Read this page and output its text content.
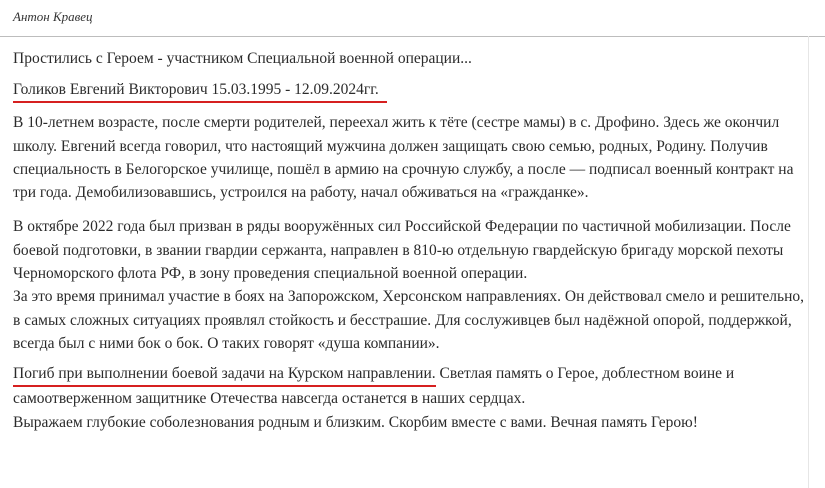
Антон Кравец

Простились с Героем - участником Специальной военной операции...

Голиков Евгений Викторович 15.03.1995 - 12.09.2024гг.

В 10-летнем возрасте, после смерти родителей, переехал жить к тёте (сестре мамы) в с. Дрофино. Здесь же окончил школу. Евгений всегда говорил, что настоящий мужчина должен защищать свою семью, родных, Родину. Получив специальность в Белогорское училище, пошёл в армию на срочную службу, а после — подписал военный контракт на три года. Демобилизовавшись, устроился на работу, начал обживаться на «гражданке».

В октябре 2022 года был призван в ряды вооружённых сил Российской Федерации по частичной мобилизации. После боевой подготовки, в звании гвардии сержанта, направлен в 810-ю отдельную гвардейскую бригаду морской пехоты Черноморского флота РФ, в зону проведения специальной военной операции.
За это время принимал участие в боях на Запорожском, Херсонском направлениях. Он действовал смело и решительно, в самых сложных ситуациях проявлял стойкость и бесстрашие. Для сослуживцев был надёжной опорой, поддержкой, всегда был с ними бок о бок. О таких говорят «душа компании».

Погиб при выполнении боевой задачи на Курском направлении. Светлая память о Герое, доблестном воине и самоотверженном защитнике Отечества навсегда останется в наших сердцах.
Выражаем глубокие соболезнования родным и близким. Скорбим вместе с вами. Вечная память Герою!
